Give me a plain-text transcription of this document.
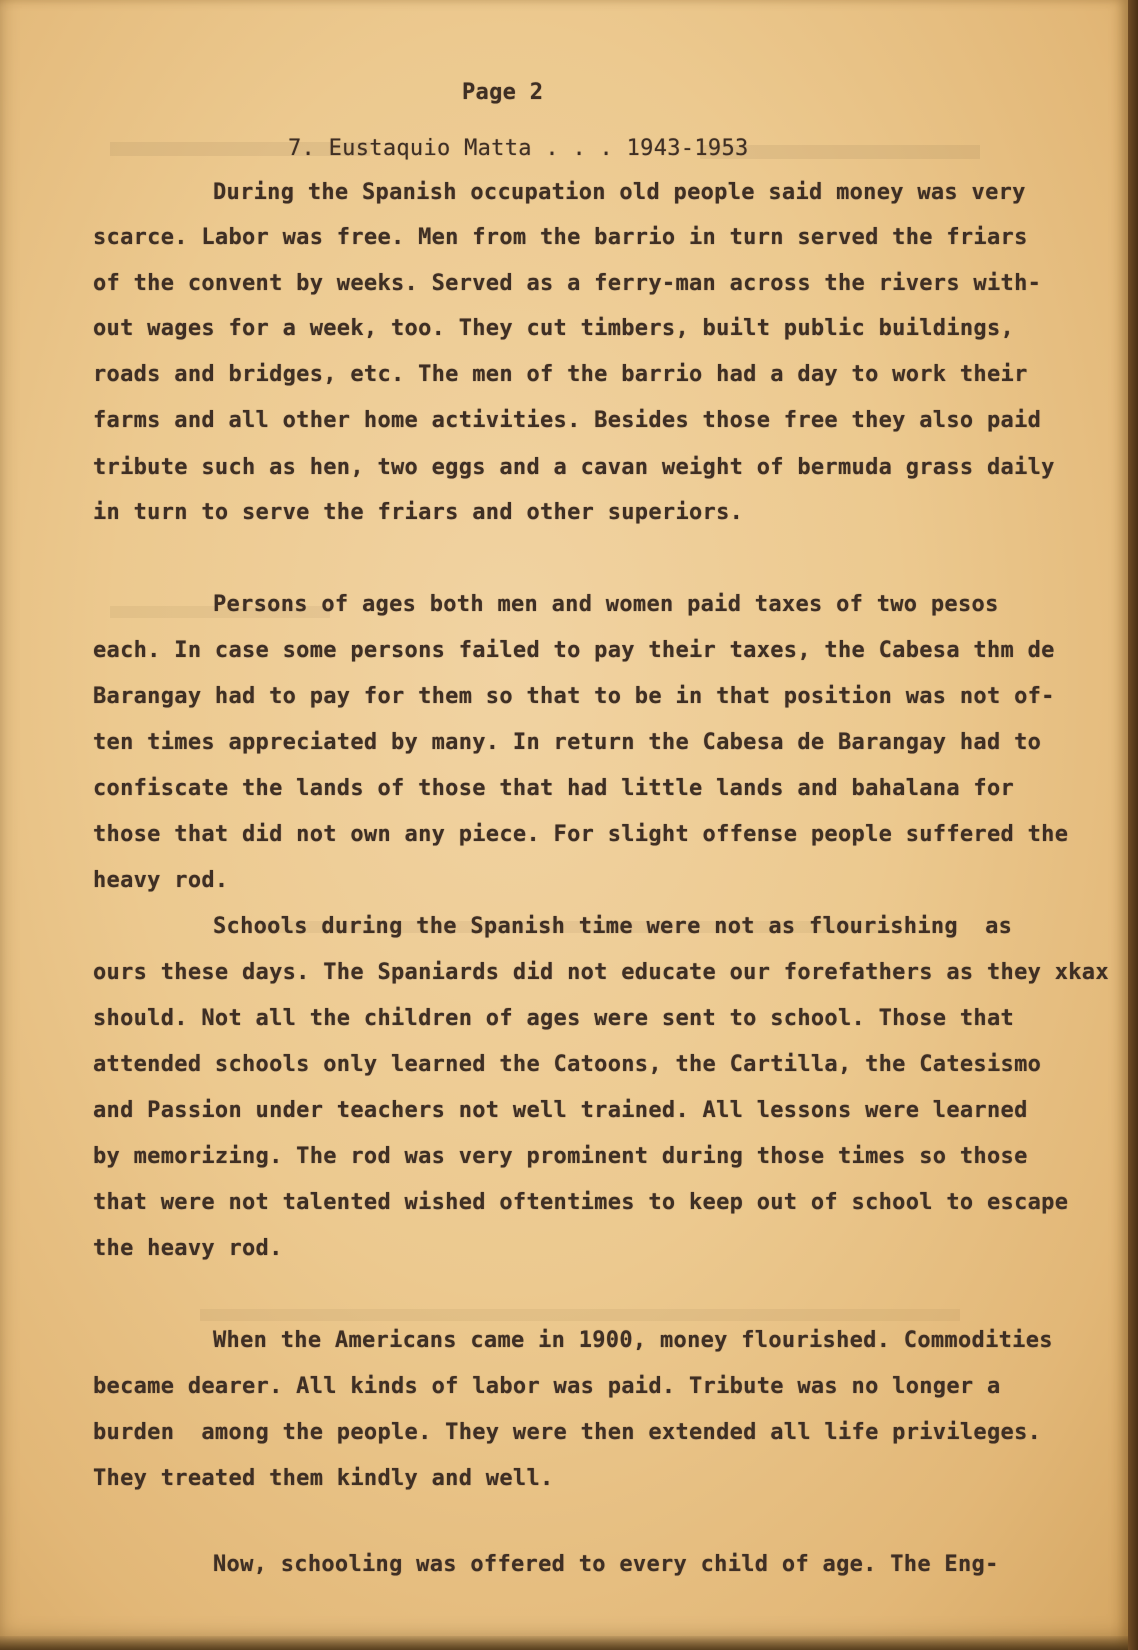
Page 2
7. Eustaquio Matta . . . 1943-1953
During the Spanish occupation old people said money was very
scarce. Labor was free. Men from the barrio in turn served the friars
of the convent by weeks. Served as a ferry-man across the rivers with-
out wages for a week, too. They cut timbers, built public buildings,
roads and bridges, etc. The men of the barrio had a day to work their
farms and all other home activities. Besides those free they also paid
tribute such as hen, two eggs and a cavan weight of bermuda grass daily
in turn to serve the friars and other superiors.
Persons of ages both men and women paid taxes of two pesos
each. In case some persons failed to pay their taxes, the Cabesa thm de
Barangay had to pay for them so that to be in that position was not of-
ten times appreciated by many. In return the Cabesa de Barangay had to
confiscate the lands of those that had little lands and bahalana for
those that did not own any piece. For slight offense people suffered the
heavy rod.
Schools during the Spanish time were not as flourishing  as
ours these days. The Spaniards did not educate our forefathers as they xkax
should. Not all the children of ages were sent to school. Those that
attended schools only learned the Catoons, the Cartilla, the Catesismo
and Passion under teachers not well trained. All lessons were learned
by memorizing. The rod was very prominent during those times so those
that were not talented wished oftentimes to keep out of school to escape
the heavy rod.
When the Americans came in 1900, money flourished. Commodities
became dearer. All kinds of labor was paid. Tribute was no longer a
burden  among the people. They were then extended all life privileges.
They treated them kindly and well.
Now, schooling was offered to every child of age. The Eng-
